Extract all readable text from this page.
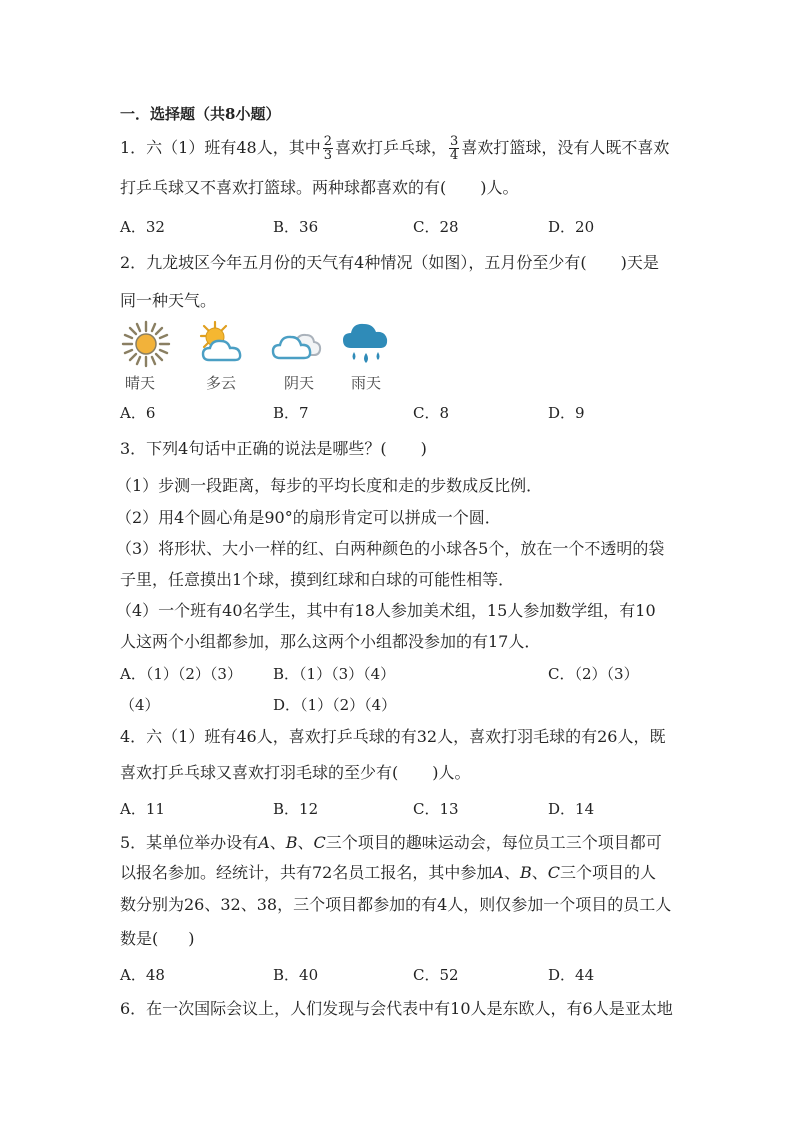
一．选择题（共8小题）
1．六（1）班有48人，其中 $\frac{2}{3}$ 喜欢打乒乓球， $\frac{3}{4}$ 喜欢打篮球，没有人既不喜欢
打乒乓球又不喜欢打篮球。两种球都喜欢的有( )人。
A．32	B．36	C．28	D．20
2．九龙坡区今年五月份的天气有4种情况（如图），五月份至少有( )天是
同一种天气。
晴天	多云	阴天 雨天
A．6	B．7	C．8	D．9
3．下列4句话中正确的说法是哪些？( )
（1）步测一段距离，每步的平均长度和走的步数成反比例．
（2）用4个圆心角是90°的扇形肯定可以拼成一个圆．
（3）将形状、大小一样的红、白两种颜色的小球各5个，放在一个不透明的袋
子里，任意摸出1个球，摸到红球和白球的可能性相等．
（4）一个班有40名学生，其中有18人参加美术组，15人参加数学组，有10
人这两个小组都参加，那么这两个小组都没参加的有17人．
A．（1）（2）（3） B．（1）（3）（4）	C．（2）（3）
（4）	D．（1）（2）（4）
4．六（1）班有46人，喜欢打乒乓球的有32人，喜欢打羽毛球的有26人，既
喜欢打乒乓球又喜欢打羽毛球的至少有( )人。
A．11	B．12	C．13	D．14
5．某单位举办设有A、B、C三个项目的趣味运动会，每位员工三个项目都可
以报名参加。经统计，共有72名员工报名，其中参加A、B、C三个项目的人
数分别为26、32、38，三个项目都参加的有4人，则仅参加一个项目的员工人
数是( )
A．48	B．40	C．52	D．44
6．在一次国际会议上，人们发现与会代表中有10人是东欧人，有6人是亚太地
